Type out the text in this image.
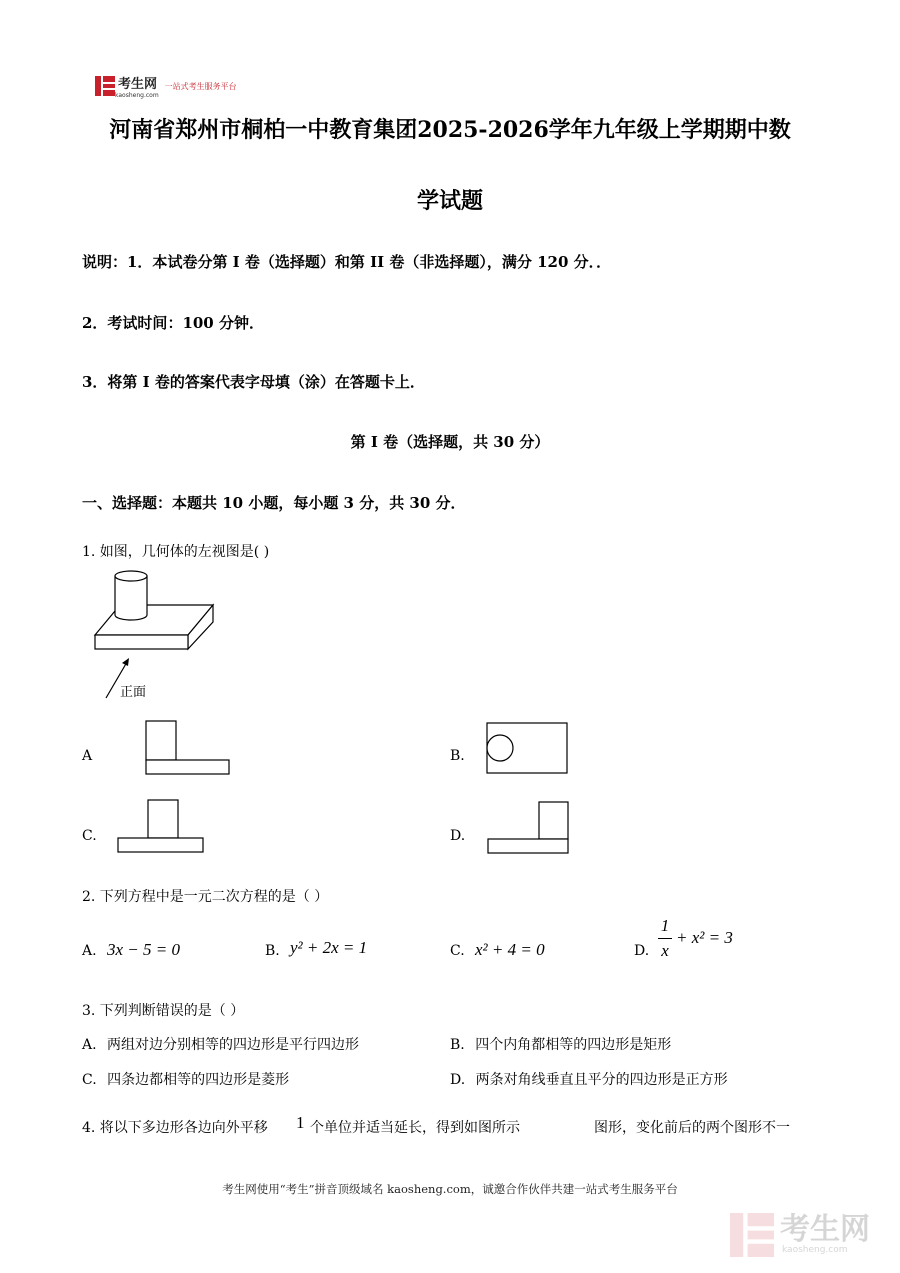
考生网
kaosheng.com
一站式考生服务平台
河南省郑州市桐柏一中教育集团2025-2026学年九年级上学期期中数
学试题
说明：1．本试卷分第 I 卷（选择题）和第 II 卷（非选择题），满分 120 分．．
2．考试时间：100 分钟．
3．将第 I 卷的答案代表字母填（涂）在答题卡上．
第 I 卷（选择题，共 30 分）
一、选择题：本题共 10 小题，每小题 3 分，共 30 分．
1. 如图，几何体的左视图是( )
正面
A	B.
C.	D.
2. 下列方程中是一元二次方程的是（ ）
A. 3x − 5 = 0	B. y² + 2x = 1	C. x² + 4 = 0	D.
1
x
+ x² = 3
3. 下列判断错误的是（ ）
A. 两组对边分别相等的四边形是平行四边形	B. 四个内角都相等的四边形是矩形
C. 四条边都相等的四边形是菱形	D. 两条对角线垂直且平分的四边形是正方形
4. 将以下多边形各边向外平移 1 个单位并适当延长，得到如图所示	图形，变化前后的两个图形不一
考生网使用“考生”拼音顶级域名 kaosheng.com，诚邀合作伙伴共建一站式考生服务平台
考生网
kaosheng.com
